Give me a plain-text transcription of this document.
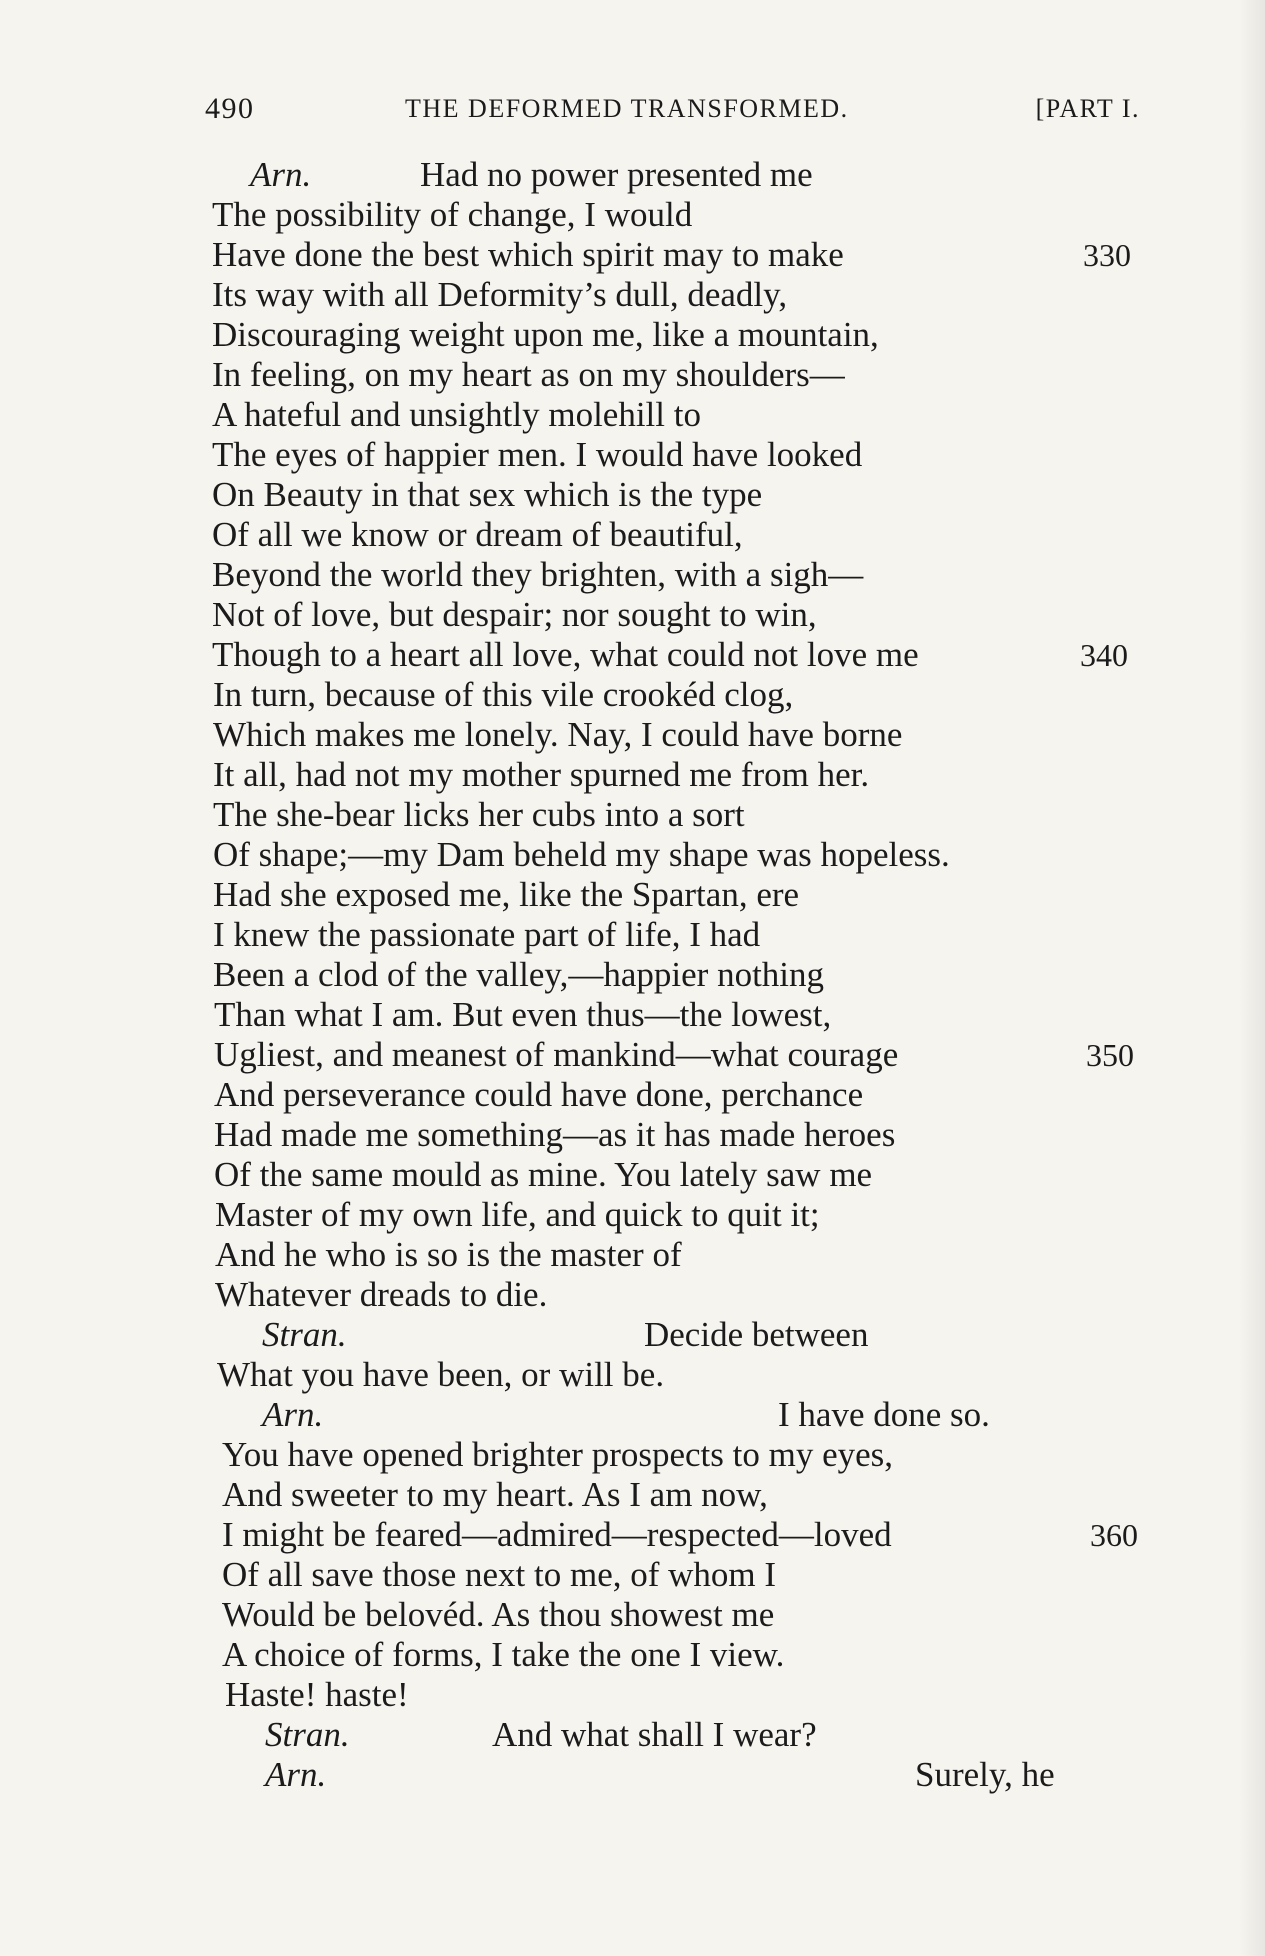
490	THE DEFORMED TRANSFORMED.	[PART I.
Arn.	Had no power presented me
The possibility of change, I would
Have done the best which spirit may to make	330
Its way with all Deformity’s dull, deadly,
Discouraging weight upon me, like a mountain,
In feeling, on my heart as on my shoulders—
A hateful and unsightly molehill to
The eyes of happier men. I would have looked
On Beauty in that sex which is the type
Of all we know or dream of beautiful,
Beyond the world they brighten, with a sigh—
Not of love, but despair; nor sought to win,
Though to a heart all love, what could not love me	340
In turn, because of this vile crookéd clog,
Which makes me lonely. Nay, I could have borne
It all, had not my mother spurned me from her.
The she-bear licks her cubs into a sort
Of shape;—my Dam beheld my shape was hopeless.
Had she exposed me, like the Spartan, ere
I knew the passionate part of life, I had
Been a clod of the valley,—happier nothing
Than what I am. But even thus—the lowest,
Ugliest, and meanest of mankind—what courage	350
And perseverance could have done, perchance
Had made me something—as it has made heroes
Of the same mould as mine. You lately saw me
Master of my own life, and quick to quit it;
And he who is so is the master of
Whatever dreads to die.
Stran.	Decide between
What you have been, or will be.
Arn.	I have done so.
You have opened brighter prospects to my eyes,
And sweeter to my heart. As I am now,
I might be feared—admired—respected—loved	360
Of all save those next to me, of whom I
Would be belovéd. As thou showest me
A choice of forms, I take the one I view.
Haste! haste!
Stran.	And what shall I wear?
Arn.	Surely, he
